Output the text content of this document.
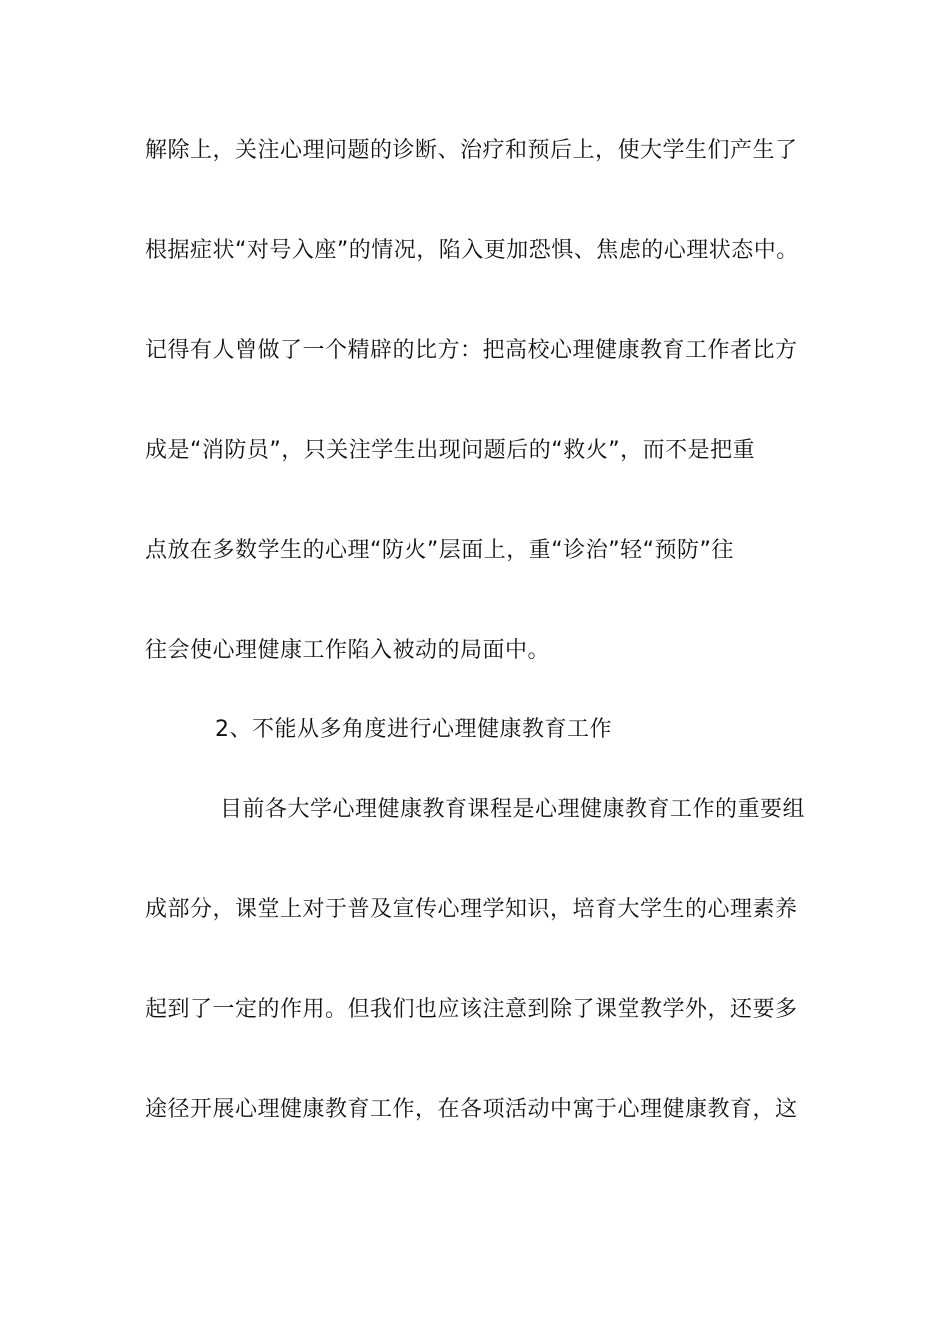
解除上，关注心理问题的诊断、治疗和预后上，使大学生们产生了
根据症状“对号入座”的情况，陷入更加恐惧、焦虑的心理状态中。
记得有人曾做了一个精辟的比方：把高校心理健康教育工作者比方
成是“消防员”，只关注学生出现问题后的“救火”，而不是把重
点放在多数学生的心理“防火”层面上，重“诊治”轻“预防”往
往会使心理健康工作陷入被动的局面中。
2、不能从多角度进行心理健康教育工作
目前各大学心理健康教育课程是心理健康教育工作的重要组
成部分，课堂上对于普及宣传心理学知识，培育大学生的心理素养
起到了一定的作用。但我们也应该注意到除了课堂教学外，还要多
途径开展心理健康教育工作，在各项活动中寓于心理健康教育，这
